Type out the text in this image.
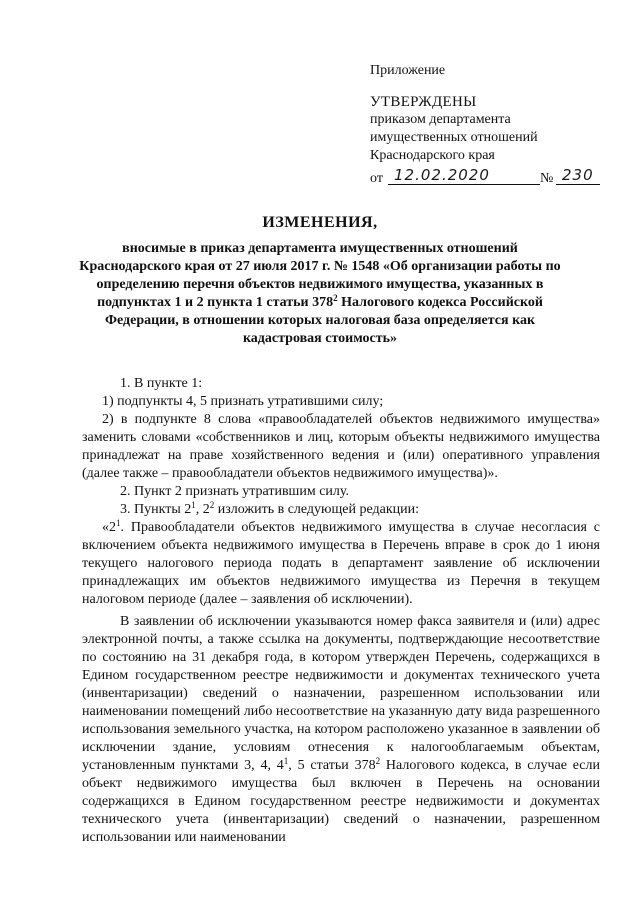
Приложение
УТВЕРЖДЕНЫ
приказом департамента
имущественных отношений
Краснодарского края
от 12.02.2020	№ 230
ИЗМЕНЕНИЯ,
вносимые в приказ департамента имущественных отношений Краснодарского края от 27 июля 2017 г. № 1548 «Об организации работы по определению перечня объектов недвижимого имущества, указанных в подпунктах 1 и 2 пункта 1 статьи $378^2$ Налогового кодекса Российской Федерации, в отношении которых налоговая база определяется как кадастровая стоимость»

1. В пункте 1:

1) подпункты 4, 5 признать утратившими силу;

2) в подпункте 8 слова «правообладателей объектов недвижимого имущества» заменить словами «собственников и лиц, которым объекты недвижимого имущества принадлежат на праве хозяйственного ведения и (или) оперативного управления (далее также – правообладатели объектов недвижимого имущества)».

2. Пункт 2 признать утратившим силу.

3. Пункты $2^1$, $2^2$ изложить в следующей редакции:

«$2^1$. Правообладатели объектов недвижимого имущества в случае несогласия с включением объекта недвижимого имущества в Перечень вправе в срок до 1 июня текущего налогового периода подать в департамент заявление об исключении принадлежащих им объектов недвижимого имущества из Перечня в текущем налоговом периоде (далее – заявления об исключении).

В заявлении об исключении указываются номер факса заявителя и (или) адрес электронной почты, а также ссылка на документы, подтверждающие несоответствие по состоянию на 31 декабря года, в котором утвержден Перечень, содержащихся в Едином государственном реестре недвижимости и документах технического учета (инвентаризации) сведений о назначении, разрешенном использовании или наименовании помещений либо несоответствие на указанную дату вида разрешенного использования земельного участка, на котором расположено указанное в заявлении об исключении здание, условиям отнесения к налогооблагаемым объектам, установленным пунктами 3, 4, $4^1$, 5 статьи $378^2$ Налогового кодекса, в случае если объект недвижимого имущества был включен в Перечень на основании содержащихся в Едином государственном реестре недвижимости и документах технического учета (инвентаризации) сведений о назначении, разрешенном использовании или наименовании
